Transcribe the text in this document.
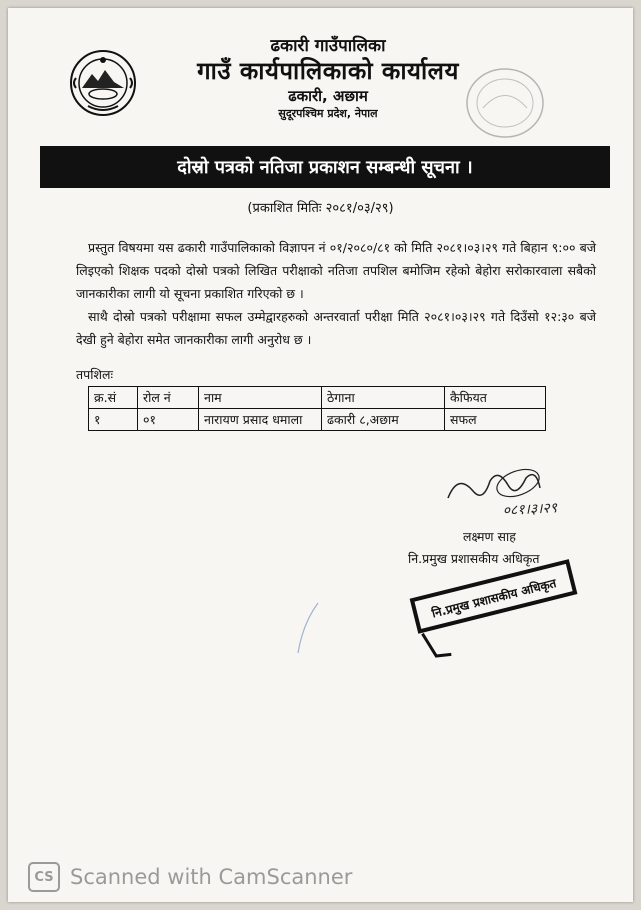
ढकारी गाउँपालिका
गाउँ कार्यपालिकाको कार्यालय
ढकारी, अछाम
सुदूरपश्चिम प्रदेश, नेपाल
दोस्रो पत्रको नतिजा प्रकाशन सम्बन्धी सूचना ।
(प्रकाशित मितिः २०८१/०३/२९)

प्रस्तुत विषयमा यस ढकारी गाउँपालिकाको विज्ञापन नं ०१/२०८०/८१ को मिति २०८१।०३।२९ गते बिहान ९:०० बजे लिइएको शिक्षक पदको दोस्रो पत्रको लिखित परीक्षाको नतिजा तपशिल बमोजिम रहेको बेहोरा सरोकारवाला सबैको जानकारीका लागी यो सूचना प्रकाशित गरिएको छ ।

साथै दोस्रो पत्रको परीक्षामा सफल उम्मेद्वारहरुको अन्तरवार्ता परीक्षा मिति २०८१।०३।२९ गते दिउँसो १२:३० बजे देखी हुने बेहोरा समेत जानकारीका लागी अनुरोध छ ।

तपशिलः
क्र.सं	रोल नं	नाम	ठेगाना	कैफियत
१	०१	नारायण प्रसाद धमाला	ढकारी ८,अछाम	सफल
०८१।३।२९
लक्ष्मण साह
नि.प्रमुख प्रशासकीय अधिकृत
नि.प्रमुख प्रशासकीय अधिकृत
CS Scanned with CamScanner
